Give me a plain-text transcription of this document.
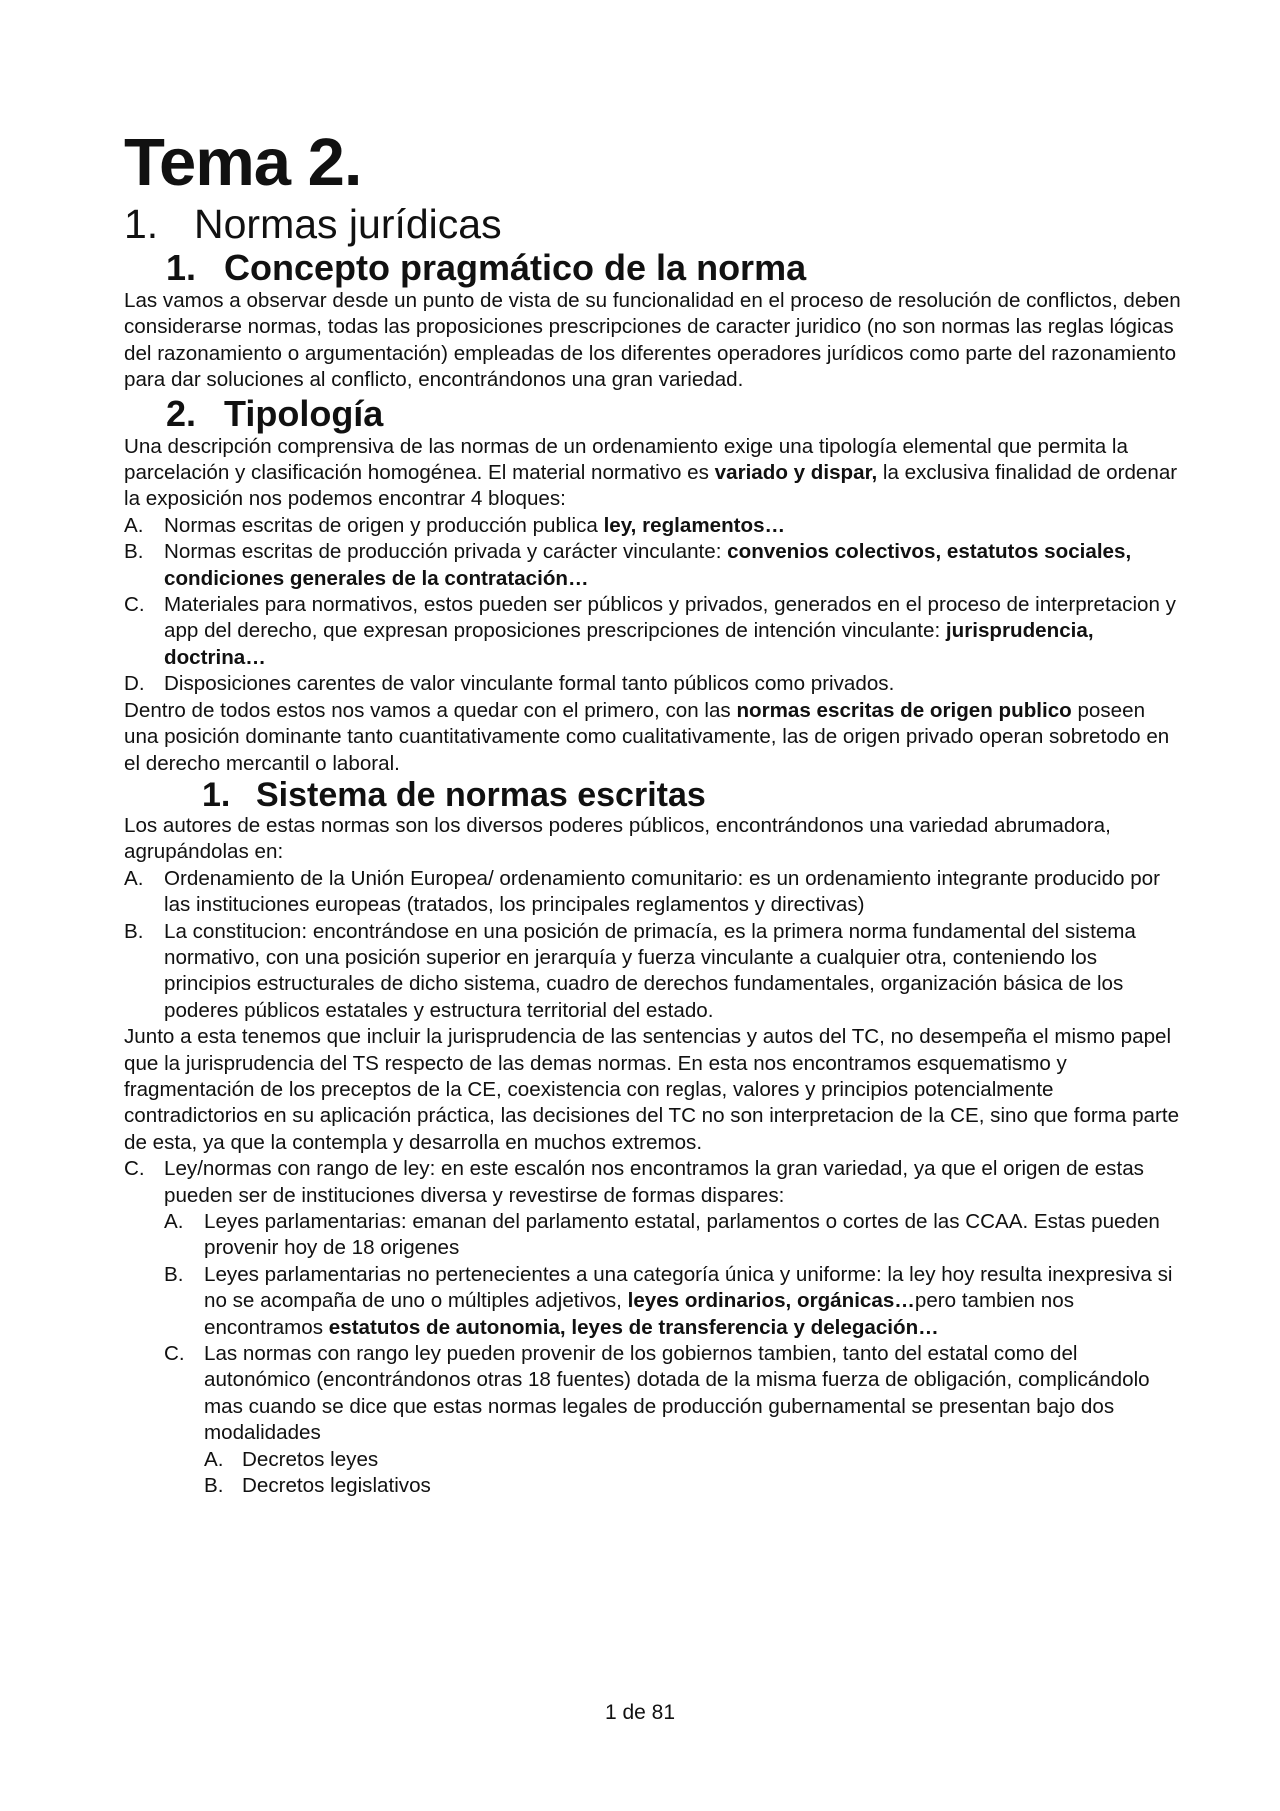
Tema 2.
1. Normas jurídicas
1. Concepto pragmático de la norma

Las vamos a observar desde un punto de vista de su funcionalidad en el proceso de resolución de conflictos, deben considerarse normas, todas las proposiciones prescripciones de caracter juridico (no son normas las reglas lógicas del razonamiento o argumentación) empleadas de los diferentes operadores jurídicos como parte del razonamiento para dar soluciones al conflicto, encontrándonos una gran variedad.

2. Tipología

Una descripción comprensiva de las normas de un ordenamiento exige una tipología elemental que permita la parcelación y clasificación homogénea. El material normativo es variado y dispar, la exclusiva finalidad de ordenar la exposición nos podemos encontrar 4 bloques:

A. Normas escritas de origen y producción publica ley, reglamentos…

B. Normas escritas de producción privada y carácter vinculante: convenios colectivos, estatutos sociales, condiciones generales de la contratación…

C. Materiales para normativos, estos pueden ser públicos y privados, generados en el proceso de interpretacion y app del derecho, que expresan proposiciones prescripciones de intención vinculante: jurisprudencia, doctrina…

D. Disposiciones carentes de valor vinculante formal tanto públicos como privados.

Dentro de todos estos nos vamos a quedar con el primero, con las normas escritas de origen publico poseen una posición dominante tanto cuantitativamente como cualitativamente, las de origen privado operan sobretodo en el derecho mercantil o laboral.

1. Sistema de normas escritas

Los autores de estas normas son los diversos poderes públicos, encontrándonos una variedad abrumadora, agrupándolas en:

A. Ordenamiento de la Unión Europea/ ordenamiento comunitario: es un ordenamiento integrante producido por las instituciones europeas (tratados, los principales reglamentos y directivas)

B. La constitucion: encontrándose en una posición de primacía, es la primera norma fundamental del sistema normativo, con una posición superior en jerarquía y fuerza vinculante a cualquier otra, conteniendo los principios estructurales de dicho sistema, cuadro de derechos fundamentales, organización básica de los poderes públicos estatales y estructura territorial del estado.

Junto a esta tenemos que incluir la jurisprudencia de las sentencias y autos del TC, no desempeña el mismo papel que la jurisprudencia del TS respecto de las demas normas. En esta nos encontramos esquematismo y fragmentación de los preceptos de la CE, coexistencia con reglas, valores y principios potencialmente contradictorios en su aplicación práctica, las decisiones del TC no son interpretacion de la CE, sino que forma parte de esta, ya que la contempla y desarrolla en muchos extremos.

C. Ley/normas con rango de ley: en este escalón nos encontramos la gran variedad, ya que el origen de estas pueden ser de instituciones diversa y revestirse de formas dispares:

A. Leyes parlamentarias: emanan del parlamento estatal, parlamentos o cortes de las CCAA. Estas pueden provenir hoy de 18 origenes

B. Leyes parlamentarias no pertenecientes a una categoría única y uniforme: la ley hoy resulta inexpresiva si no se acompaña de uno o múltiples adjetivos, leyes ordinarios, orgánicas…pero tambien nos encontramos estatutos de autonomia, leyes de transferencia y delegación…

C. Las normas con rango ley pueden provenir de los gobiernos tambien, tanto del estatal como del autonómico (encontrándonos otras 18 fuentes) dotada de la misma fuerza de obligación, complicándolo mas cuando se dice que estas normas legales de producción gubernamental se presentan bajo dos modalidades

A. Decretos leyes

B. Decretos legislativos

1 de 81
